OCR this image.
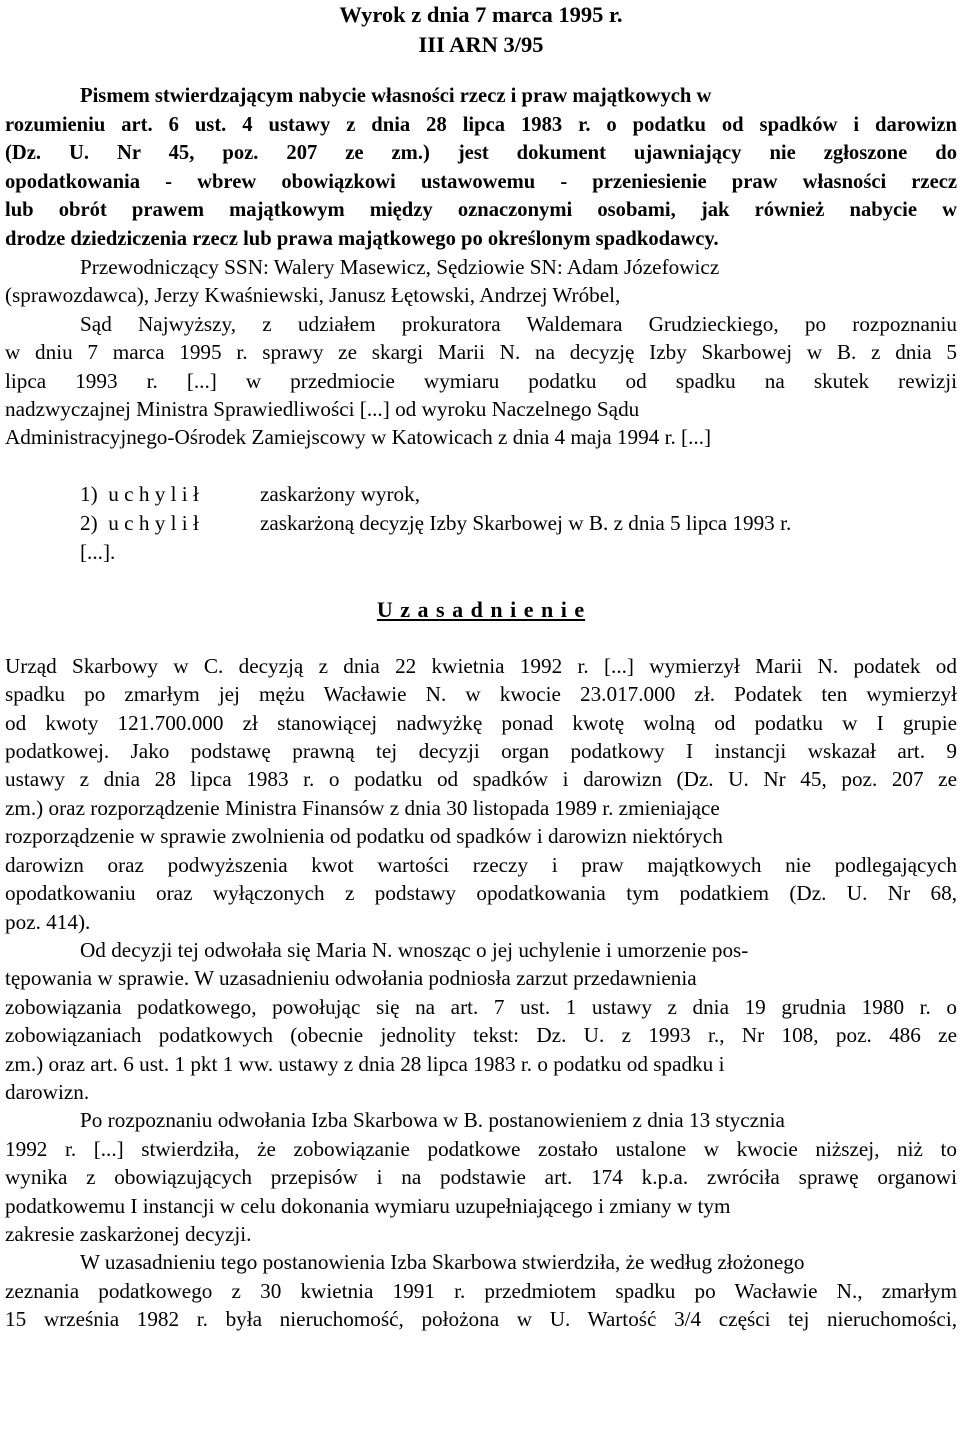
Wyrok z dnia 7 marca 1995 r.
III ARN 3/95
Pismem stwierdzającym nabycie własności rzecz i praw majątkowych w
rozumieniu art. 6 ust. 4 ustawy z dnia 28 lipca 1983 r. o podatku od spadków i darowizn
(Dz. U. Nr 45, poz. 207 ze zm.) jest dokument ujawniający nie zgłoszone do
opodatkowania - wbrew obowiązkowi ustawowemu - przeniesienie praw własności rzecz
lub obrót prawem majątkowym między oznaczonymi osobami, jak również nabycie w
drodze dziedziczenia rzecz lub prawa majątkowego po określonym spadkodawcy.

Przewodniczący SSN: Walery Masewicz, Sędziowie SN: Adam Józefowicz
(sprawozdawca), Jerzy Kwaśniewski, Janusz Łętowski, Andrzej Wróbel,

Sąd Najwyższy, z udziałem prokuratora Waldemara Grudzieckiego, po rozpoznaniu
w dniu 7 marca 1995 r. sprawy ze skargi Marii N. na decyzję Izby Skarbowej w B. z dnia 5
lipca 1993 r. [...] w przedmiocie wymiaru podatku od spadku na skutek rewizji
nadzwyczajnej Ministra Sprawiedliwości [...] od wyroku Naczelnego Sądu
Administracyjnego-Ośrodek Zamiejscowy w Katowicach z dnia 4 maja 1994 r. [...]

1)  u c h y l i ł	zaskarżony wyrok,
2)  u c h y l i ł	zaskarżoną decyzję Izby Skarbowej w B. z dnia 5 lipca 1993 r.
[...].
U z a s a d n i e n i e

Urząd Skarbowy w C. decyzją z dnia 22 kwietnia 1992 r. [...] wymierzył Marii N. podatek od
spadku po zmarłym jej mężu Wacławie N. w kwocie 23.017.000 zł. Podatek ten wymierzył
od kwoty 121.700.000 zł stanowiącej nadwyżkę ponad kwotę wolną od podatku w I grupie
podatkowej. Jako podstawę prawną tej decyzji organ podatkowy I instancji wskazał art. 9
ustawy z dnia 28 lipca 1983 r. o podatku od spadków i darowizn (Dz. U. Nr 45, poz. 207 ze
zm.) oraz rozporządzenie Ministra Finansów z dnia 30 listopada 1989 r. zmieniające
rozporządzenie w sprawie zwolnienia od podatku od spadków i darowizn niektórych
darowizn oraz podwyższenia kwot wartości rzeczy i praw majątkowych nie podlegających
opodatkowaniu oraz wyłączonych z podstawy opodatkowania tym podatkiem (Dz. U. Nr 68,
poz. 414).

Od decyzji tej odwołała się Maria N. wnosząc o jej uchylenie i umorzenie pos-
tępowania w sprawie. W uzasadnieniu odwołania podniosła zarzut przedawnienia
zobowiązania podatkowego, powołując się na art. 7 ust. 1 ustawy z dnia 19 grudnia 1980 r. o
zobowiązaniach podatkowych (obecnie jednolity tekst: Dz. U. z 1993 r., Nr 108, poz. 486 ze
zm.) oraz art. 6 ust. 1 pkt 1 ww. ustawy z dnia 28 lipca 1983 r. o podatku od spadku i
darowizn.

Po rozpoznaniu odwołania Izba Skarbowa w B. postanowieniem z dnia 13 stycznia
1992 r. [...] stwierdziła, że zobowiązanie podatkowe zostało ustalone w kwocie niższej, niż to
wynika z obowiązujących przepisów i na podstawie art. 174 k.p.a. zwróciła sprawę organowi
podatkowemu I instancji w celu dokonania wymiaru uzupełniającego i zmiany w tym
zakresie zaskarżonej decyzji.

W uzasadnieniu tego postanowienia Izba Skarbowa stwierdziła, że według złożonego
zeznania podatkowego z 30 kwietnia 1991 r. przedmiotem spadku po Wacławie N., zmarłym
15 września 1982 r. była nieruchomość, położona w U. Wartość 3/4 części tej nieruchomości,
